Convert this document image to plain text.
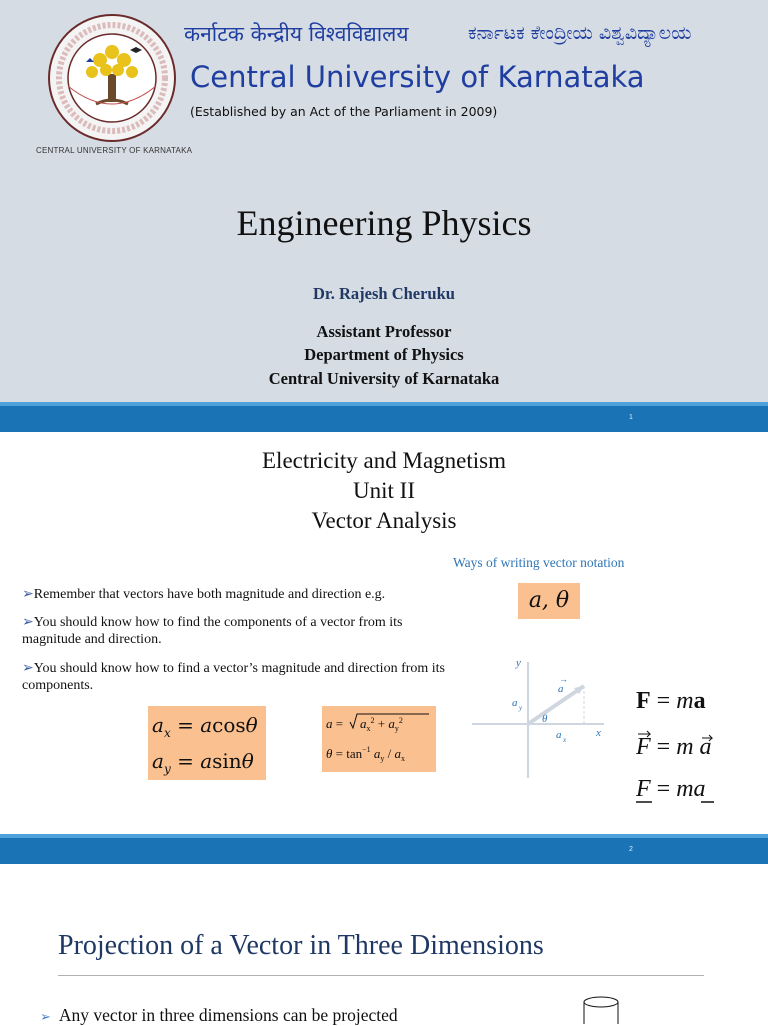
CENTRAL UNIVERSITY OF KARNATAKA
कर्नाटक केन्द्रीय विश्वविद्यालय	ಕರ್ನಾಟಕ ಕೇಂದ್ರೀಯ ವಿಶ್ವವಿದ್ಯಾಲಯ
Central University of Karnataka
(Established by an Act of the Parliament in 2009)
Engineering Physics
Dr. Rajesh Cheruku
Assistant Professor
Department of Physics
Central University of Karnataka
1
Electricity and Magnetism
Unit II
Vector Analysis
Ways of writing vector notation
a, θ
➢Remember that vectors have both magnitude and direction e.g.
➢You should know how to find the components of a vector from its magnitude and direction.
➢You should know how to find a vector’s magnitude and direction from its components.
$a_x = acos\theta$
$a_y = asin\theta$
$a = a_x^2 + a_y^2$
$\theta = \tan^{-1} a_y / a_x$
y
x
a
→
a y
a x
θ
F = ma
F = m a
F = ma
2
Projection of a Vector in Three Dimensions
➢ Any vector in three dimensions can be projected
